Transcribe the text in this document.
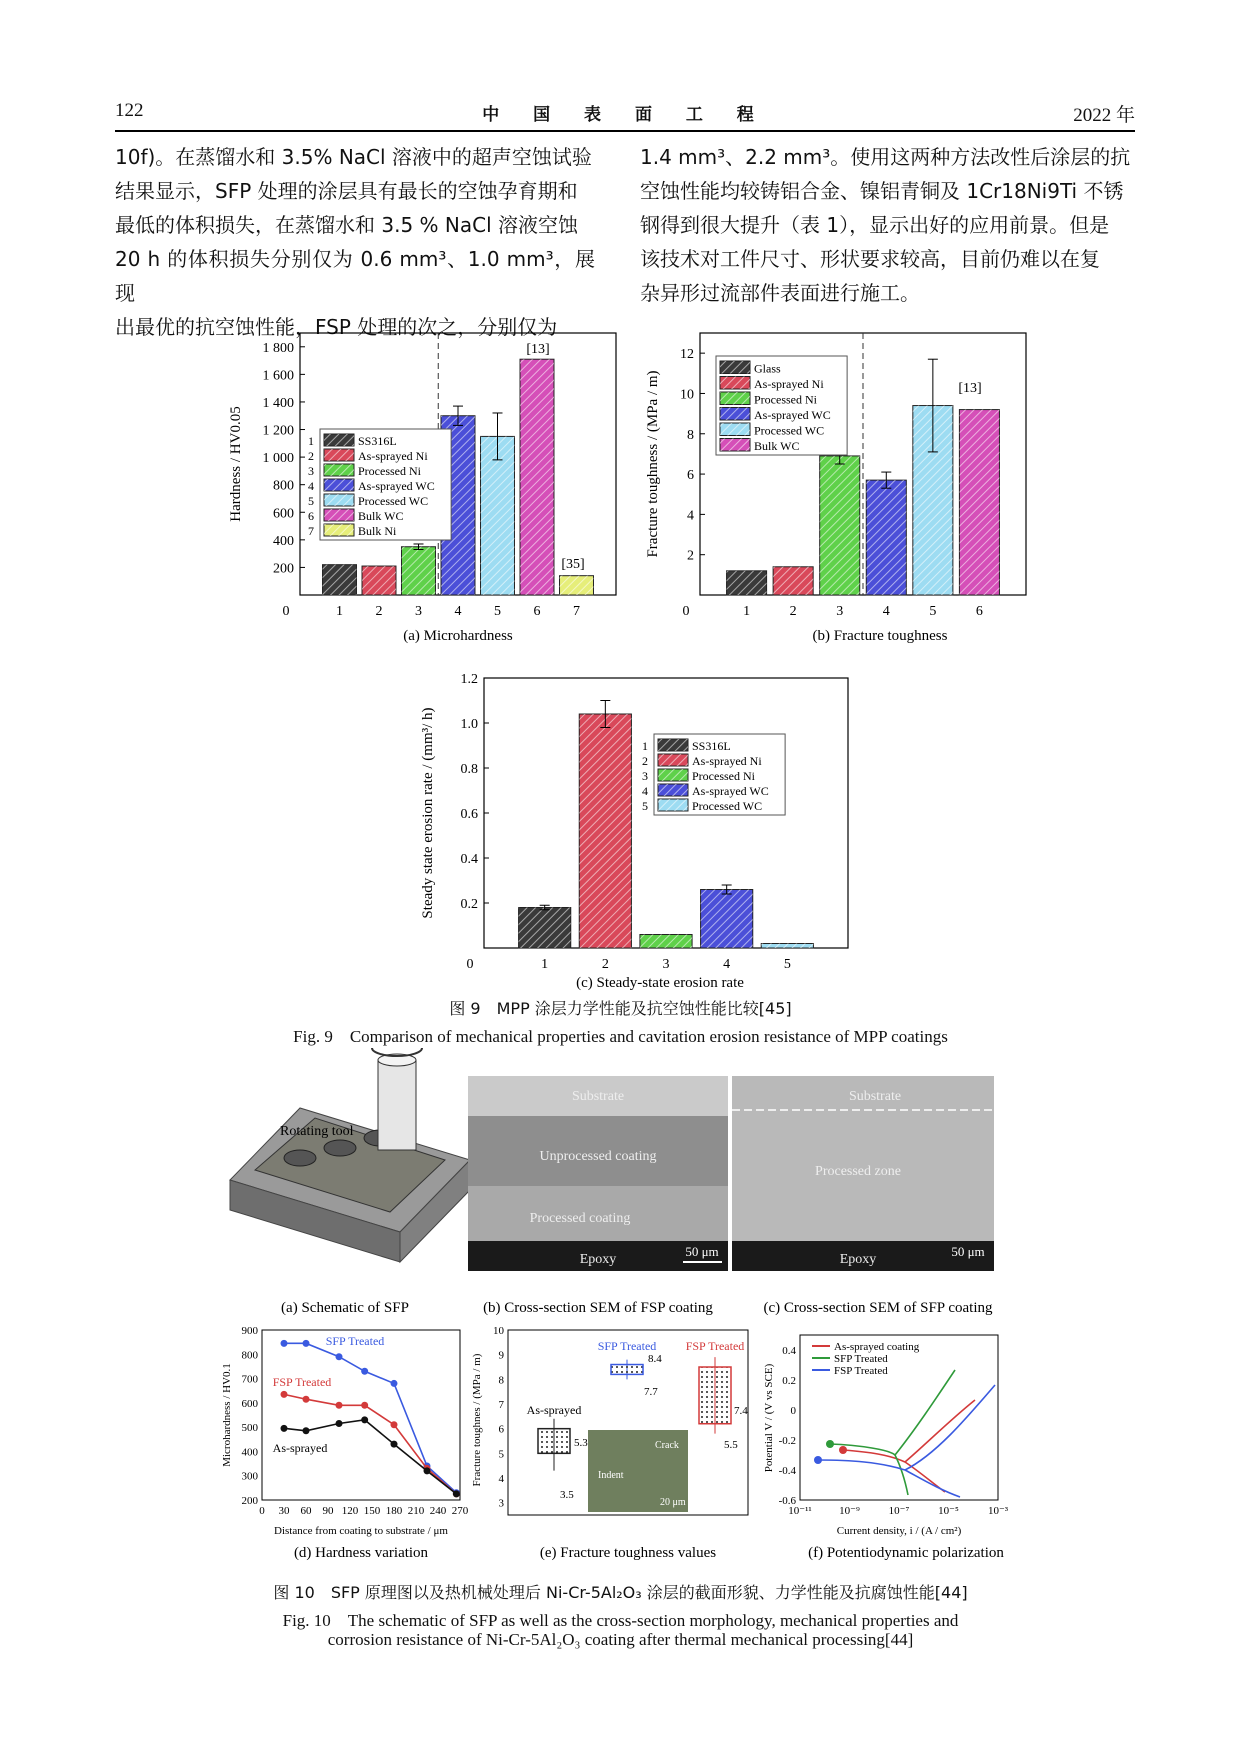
122	中 国 表 面 工 程	2022 年

10f)。在蒸馏水和 3.5% NaCl 溶液中的超声空蚀试验

结果显示，SFP 处理的涂层具有最长的空蚀孕育期和

最低的体积损失，在蒸馏水和 3.5 % NaCl 溶液空蚀

20 h 的体积损失分别仅为 0.6 mm³、1.0 mm³，展现

出最优的抗空蚀性能，FSP 处理的次之，分别仅为

1.4 mm³、2.2 mm³。使用这两种方法改性后涂层的抗

空蚀性能均较铸铝合金、镍铝青铜及 1Cr18Ni9Ti 不锈

钢得到很大提升（表 1），显示出好的应用前景。但是

该技术对工件尺寸、形状要求较高，目前仍难以在复

杂异形过流部件表面进行施工。

200
400
600
800
1 000
1 200
1 400
1 600
1 800
0	1 2 3 4 5 6 7
Hardness / HV0.05
(a) Microhardness
[13]
[35]
1	SS316L
2	As-sprayed Ni
3	Processed Ni
4	As-sprayed WC
5	Processed WC
6	Bulk WC
7	Bulk Ni
2
4
6
8
10
12
0	1	2	3	4	5	6
Fracture toughness / (MPa / m)
(b) Fracture toughness
[13]
Glass
As-sprayed Ni
Processed Ni
As-sprayed WC
Processed WC
Bulk WC
0.2
0.4
0.6
0.8
1.0
1.2
0	1	2	3	4	5
Steady state erosion rate / (mm³/ h)
(c) Steady-state erosion rate
1	SS316L
2	As-sprayed Ni
3	Processed Ni
4	As-sprayed WC
5	Processed WC
Rotating tool
(a) Schematic of SFP
Substrate
Unprocessed coating
Processed coating
Epoxy
50 μm
(b) Cross-section SEM of FSP coating
Substrate
Processed zone
Epoxy
50 μm
(c) Cross-section SEM of SFP coating
200
300
400
500
600
700
800
900
0 30 60 90 120 150 180 210 240 270
SFP Treated
FSP Treated
As-sprayed
Microhardness / HV0.1
Distance from coating to substrate / μm
(d) Hardness variation
3
4
5
6
7
8
9
10
As-sprayed
SFP Treated FSP Treated
Crack
Indent
20 μm
5.3
3.5
8.4
7.7
7.4
5.5
Fracture toughnes / (MPa / m)
(e) Fracture toughness values
-0.6
-0.4
-0.2
0
0.2
0.4
10⁻¹¹ 10⁻⁹	10⁻⁷	10⁻⁵	10⁻³
As-sprayed coating
SFP Treated
FSP Treated
Potential V / (V vs SCE)
Current density, i / (A / cm²)
(f) Potentiodynamic polarization
图 9　MPP 涂层力学性能及抗空蚀性能比较[45]
Fig. 9　Comparison of mechanical properties and cavitation erosion resistance of MPP coatings
图 10　SFP 原理图以及热机械处理后 Ni-Cr-5Al₂O₃ 涂层的截面形貌、力学性能及抗腐蚀性能[44]
Fig. 10　The schematic of SFP as well as the cross-section morphology, mechanical properties and
corrosion resistance of Ni-Cr-5Al₂O₃ coating after thermal mechanical processing[44]
